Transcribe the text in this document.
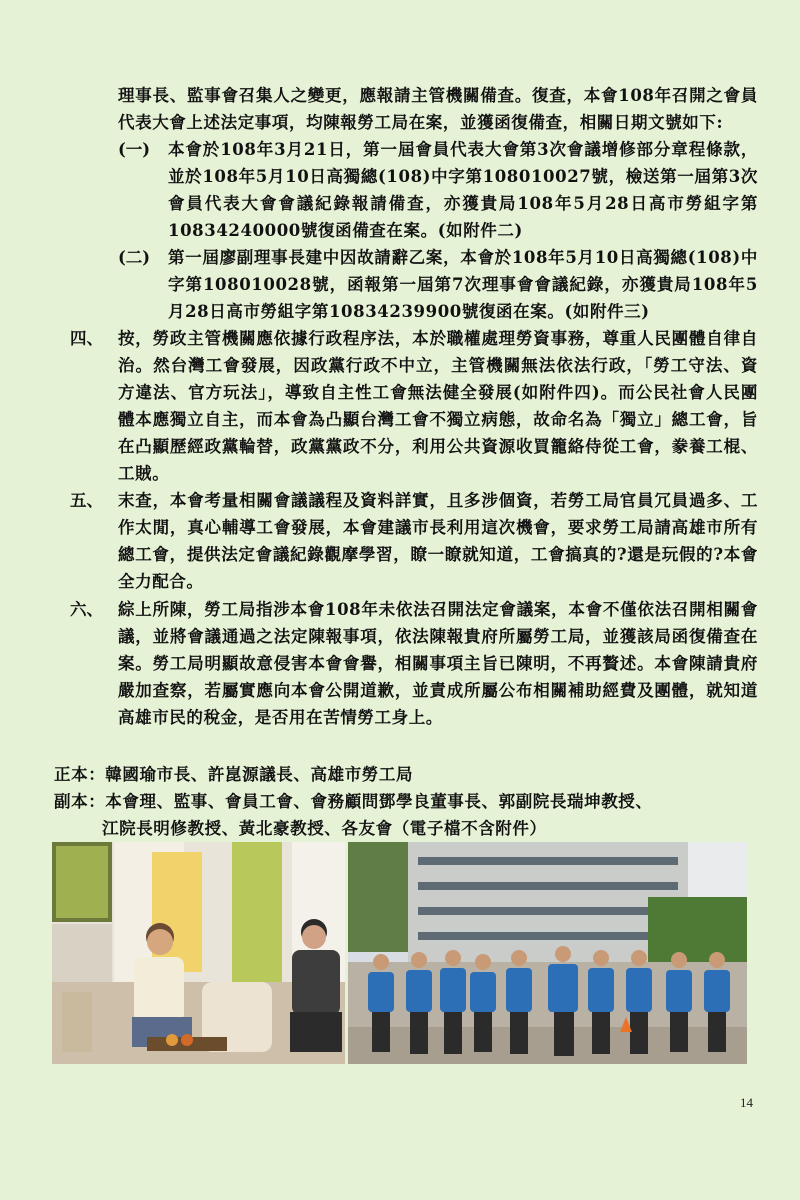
理事長、監事會召集人之變更，應報請主管機關備查。復查，本會108年召開之會員代表大會上述法定事項，均陳報勞工局在案，並獲函復備查，相關日期文號如下:

(一) 本會於108年3月21日，第一屆會員代表大會第3次會議增修部分章程條款，並於108年5月10日高獨總(108)中字第108010027號，檢送第一屆第3次會員代表大會會議紀錄報請備查，亦獲貴局108年5月28日高市勞組字第10834240000號復函備查在案。(如附件二)

(二) 第一屆廖副理事長建中因故請辭乙案，本會於108年5月10日高獨總(108)中字第108010028號，函報第一屆第7次理事會會議紀錄，亦獲貴局108年5月28日高市勞組字第10834239900號復函在案。(如附件三)

四、 按，勞政主管機關應依據行政程序法，本於職權處理勞資事務，尊重人民團體自律自治。然台灣工會發展，因政黨行政不中立，主管機關無法依法行政，「勞工守法、資方違法、官方玩法」，導致自主性工會無法健全發展(如附件四)。而公民社會人民團體本應獨立自主，而本會為凸顯台灣工會不獨立病態，故命名為「獨立」總工會，旨在凸顯歷經政黨輪替，政黨黨政不分，利用公共資源收買籠絡侍從工會，豢養工棍、工賊。

五、 末查，本會考量相關會議議程及資料詳實，且多涉個資，若勞工局官員冗員過多、工作太閒，真心輔導工會發展，本會建議市長利用這次機會，要求勞工局請高雄市所有總工會，提供法定會議紀錄觀摩學習，瞭一瞭就知道，工會搞真的?還是玩假的?本會全力配合。

六、 綜上所陳，勞工局指涉本會108年未依法召開法定會議案，本會不僅依法召開相關會議，並將會議通過之法定陳報事項，依法陳報貴府所屬勞工局，並獲該局函復備查在案。勞工局明顯故意侵害本會會譽，相關事項主旨已陳明，不再贅述。本會陳請貴府嚴加查察，若屬實應向本會公開道歉，並責成所屬公布相關補助經費及團體，就知道高雄市民的稅金，是否用在苦情勞工身上。

正本：韓國瑜市長、許崑源議長、高雄市勞工局
副本：本會理、監事、會員工會、會務顧問鄧學良董事長、郭副院長瑞坤教授、
江院長明修教授、黃北豪教授、各友會（電子檔不含附件）
14
